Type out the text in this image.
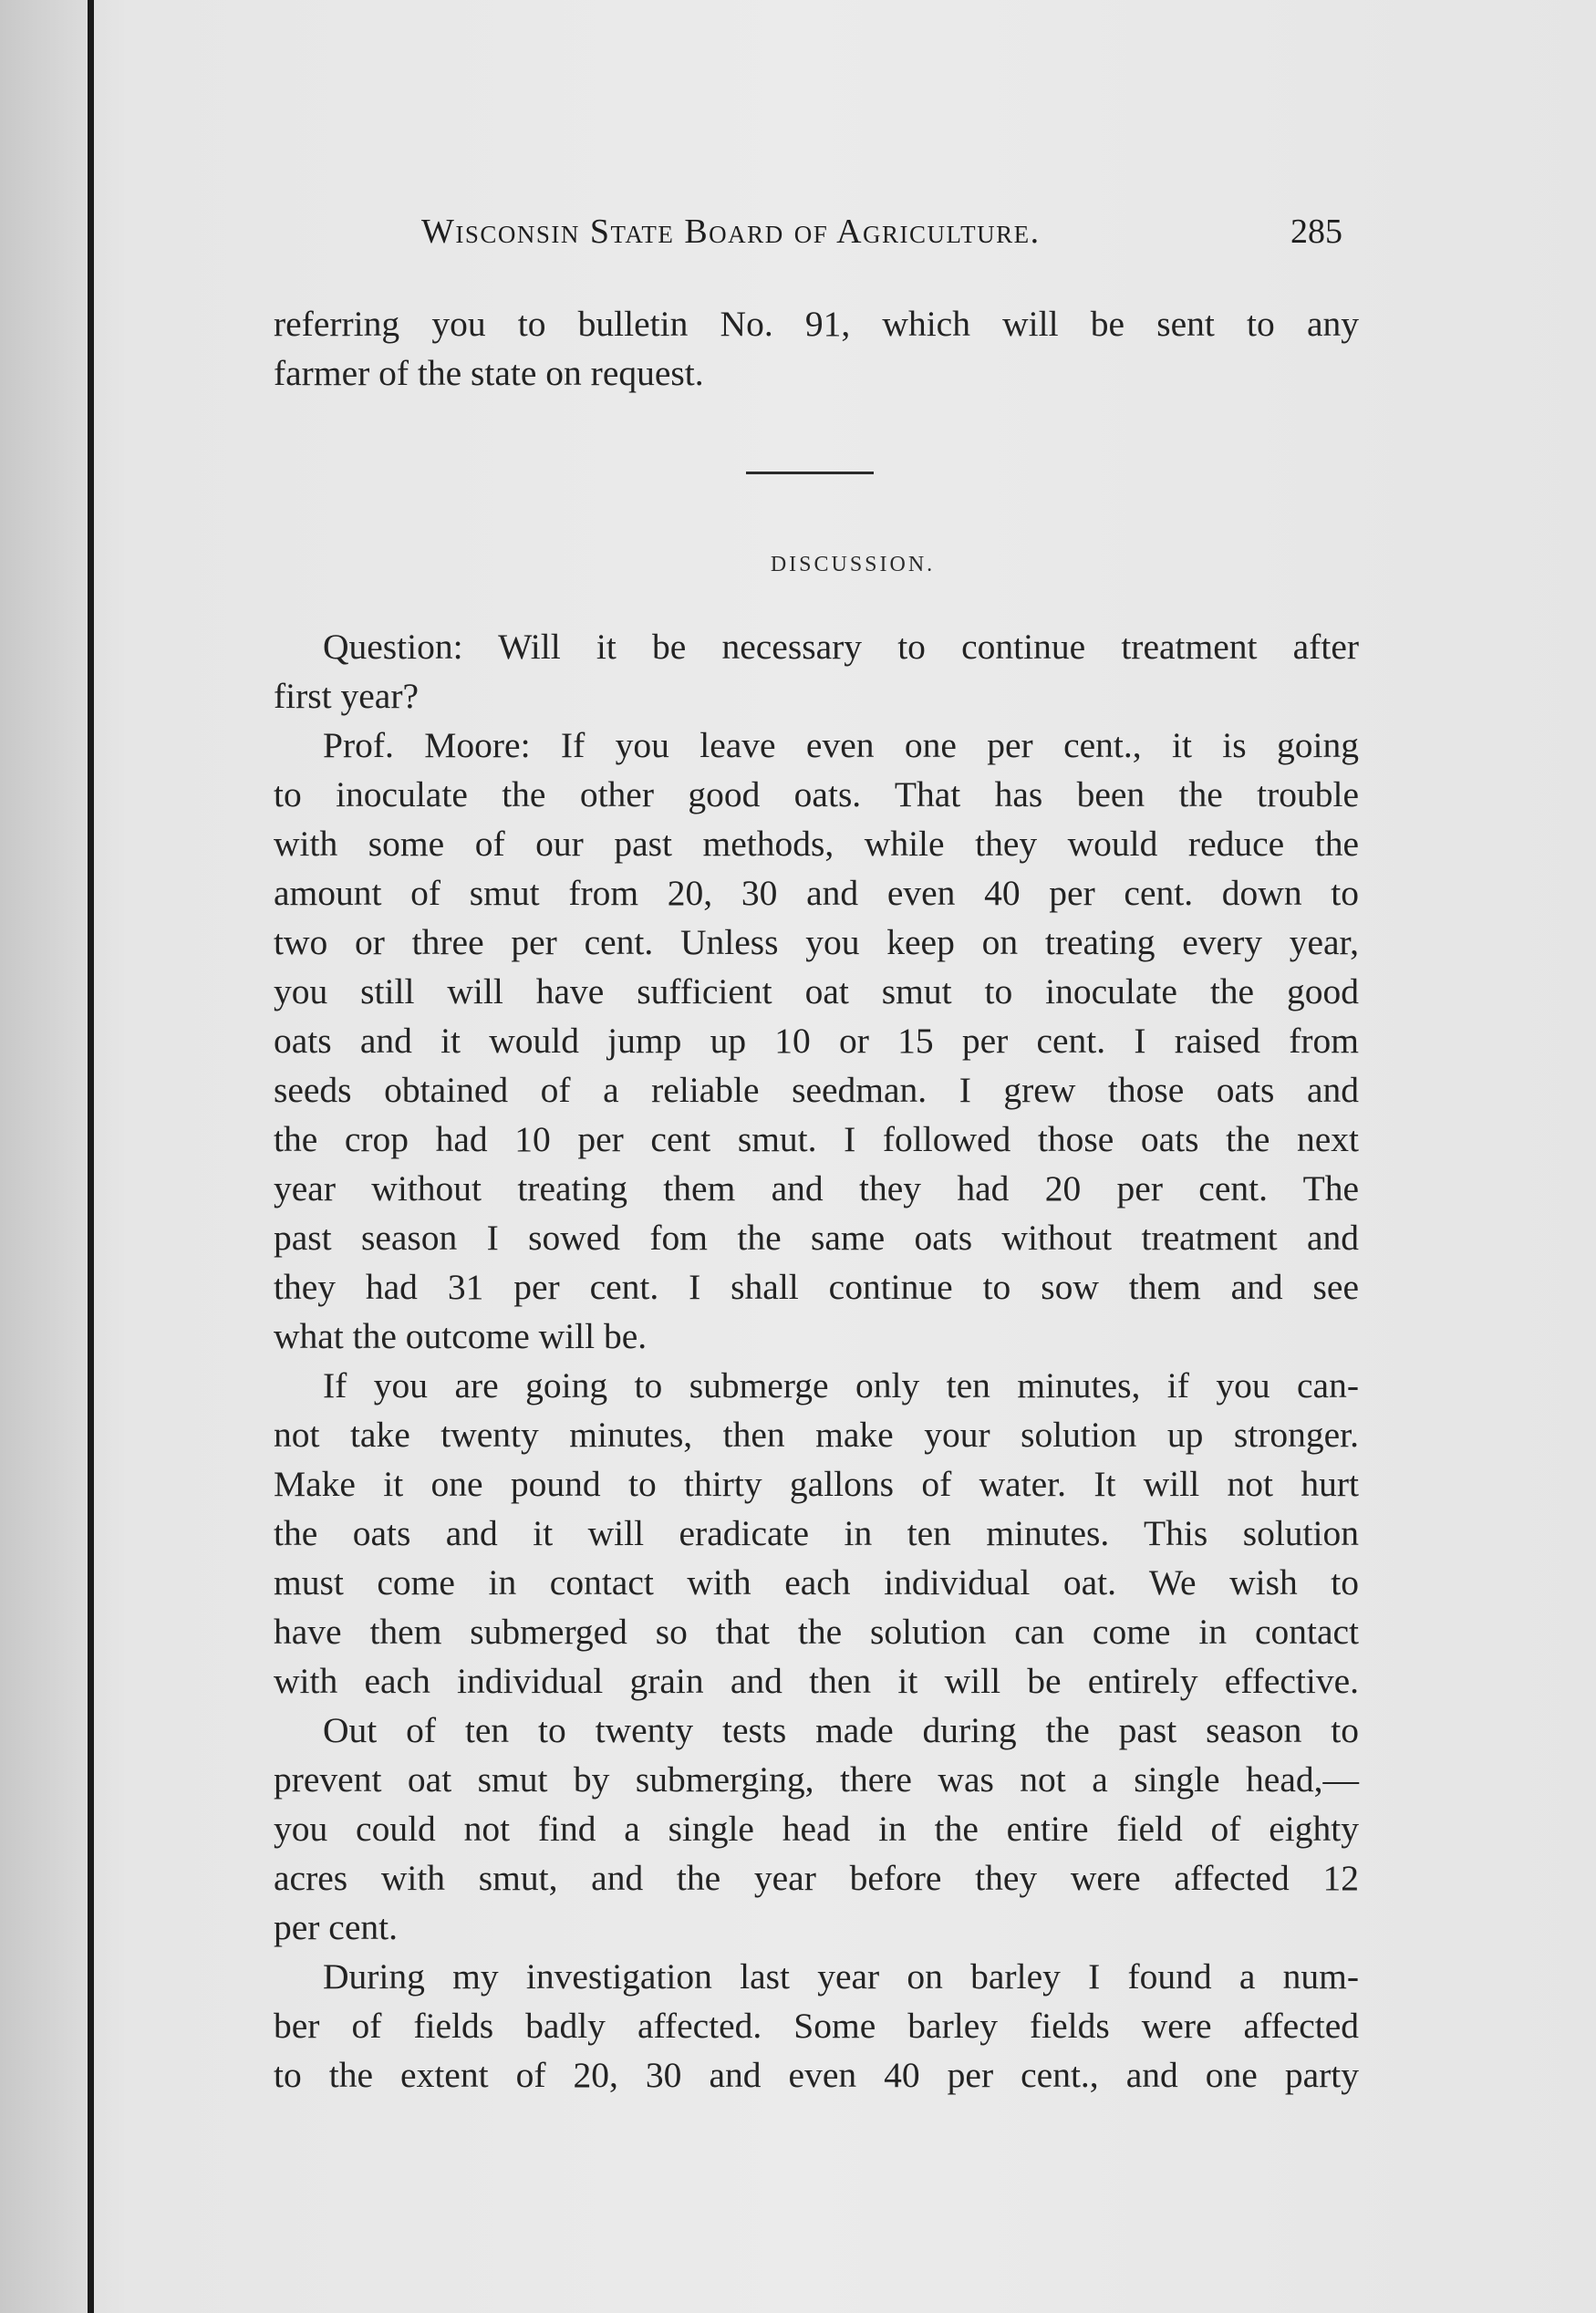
Wisconsin State Board of Agriculture.	285
referring you to bulletin No. 91, which will be sent to any
farmer of the state on request.
DISCUSSION.
Question: Will it be necessary to continue treatment after
first year?
Prof. Moore: If you leave even one per cent., it is going
to inoculate the other good oats. That has been the trouble
with some of our past methods, while they would reduce the
amount of smut from 20, 30 and even 40 per cent. down to
two or three per cent. Unless you keep on treating every year,
you still will have sufficient oat smut to inoculate the good
oats and it would jump up 10 or 15 per cent. I raised from
seeds obtained of a reliable seedman. I grew those oats and
the crop had 10 per cent smut. I followed those oats the next
year without treating them and they had 20 per cent. The
past season I sowed fom the same oats without treatment and
they had 31 per cent. I shall continue to sow them and see
what the outcome will be.
If you are going to submerge only ten minutes, if you can-
not take twenty minutes, then make your solution up stronger.
Make it one pound to thirty gallons of water. It will not hurt
the oats and it will eradicate in ten minutes. This solution
must come in contact with each individual oat. We wish to
have them submerged so that the solution can come in contact
with each individual grain and then it will be entirely effective.
Out of ten to twenty tests made during the past season to
prevent oat smut by submerging, there was not a single head,—
you could not find a single head in the entire field of eighty
acres with smut, and the year before they were affected 12
per cent.
During my investigation last year on barley I found a num-
ber of fields badly affected. Some barley fields were affected
to the extent of 20, 30 and even 40 per cent., and one party
